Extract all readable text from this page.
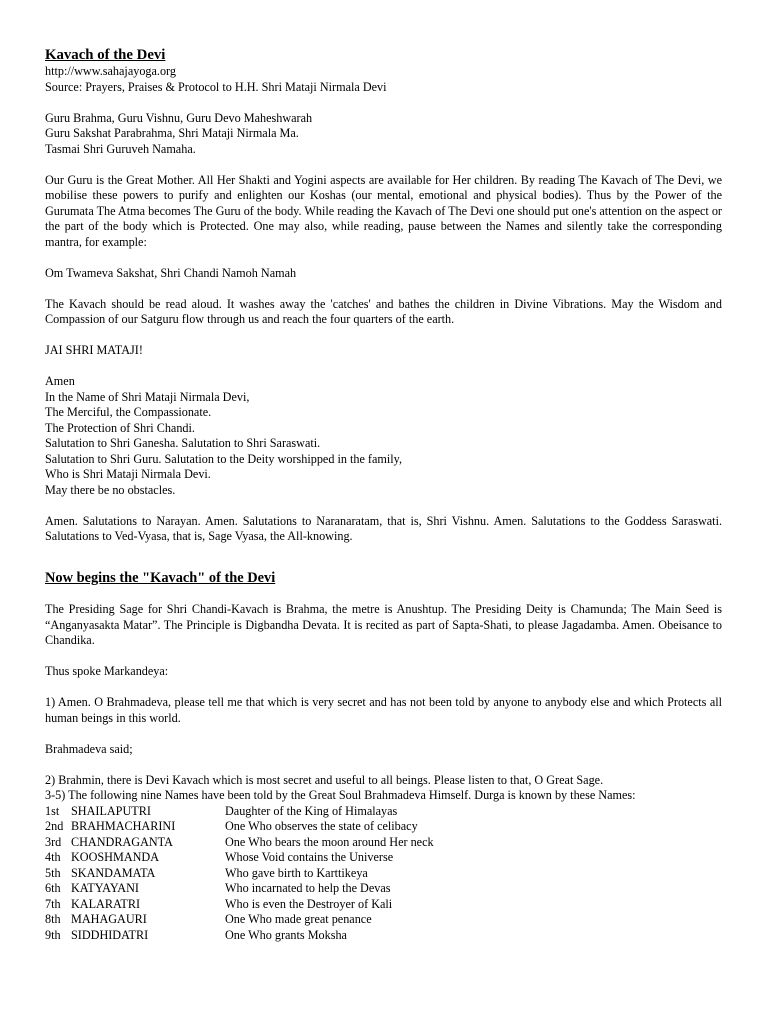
Kavach of the Devi
http://www.sahajayoga.org
Source: Prayers, Praises & Protocol to H.H. Shri Mataji Nirmala Devi
Guru Brahma, Guru Vishnu, Guru Devo Maheshwarah
Guru Sakshat Parabrahma, Shri Mataji Nirmala Ma.
Tasmai Shri Guruveh Namaha.

Our Guru is the Great Mother. All Her Shakti and Yogini aspects are available for Her children. By reading The Kavach of The Devi, we mobilise these powers to purify and enlighten our Koshas (our mental, emotional and physical bodies). Thus by the Power of the Gurumata The Atma becomes The Guru of the body. While reading the Kavach of The Devi one should put one's attention on the aspect or the part of the body which is Protected. One may also, while reading, pause between the Names and silently take the corresponding mantra, for example:

Om Twameva Sakshat, Shri Chandi Namoh Namah

The Kavach should be read aloud. It washes away the 'catches' and bathes the children in Divine Vibrations. May the Wisdom and Compassion of our Satguru flow through us and reach the four quarters of the earth.

JAI SHRI MATAJI!

Amen
In the Name of Shri Mataji Nirmala Devi,
The Merciful, the Compassionate.
The Protection of Shri Chandi.
Salutation to Shri Ganesha. Salutation to Shri Saraswati.
Salutation to Shri Guru. Salutation to the Deity worshipped in the family,
Who is Shri Mataji Nirmala Devi.
May there be no obstacles.

Amen. Salutations to Narayan. Amen. Salutations to Naranaratam, that is, Shri Vishnu. Amen. Salutations to the Goddess Saraswati. Salutations to Ved-Vyasa, that is, Sage Vyasa, the All-knowing.

Now begins the "Kavach" of the Devi

The Presiding Sage for Shri Chandi-Kavach is Brahma, the metre is Anushtup. The Presiding Deity is Chamunda; The Main Seed is “Anganyasakta Matar”. The Principle is Digbandha Devata. It is recited as part of Sapta-Shati, to please Jagadamba. Amen. Obeisance to Chandika.

Thus spoke Markandeya:

1) Amen. O Brahmadeva, please tell me that which is very secret and has not been told by anyone to anybody else and which Protects all human beings in this world.

Brahmadeva said;

2) Brahmin, there is Devi Kavach which is most secret and useful to all beings. Please listen to that, O Great Sage.

3-5) The following nine Names have been told by the Great Soul Brahmadeva Himself. Durga is known by these Names:

1st SHAILAPUTRI	Daughter of the King of Himalayas
2nd BRAHMACHARINI	One Who observes the state of celibacy
3rd CHANDRAGANTA	One Who bears the moon around Her neck
4th KOOSHMANDA	Whose Void contains the Universe
5th SKANDAMATA	Who gave birth to Karttikeya
6th KATYAYANI	Who incarnated to help the Devas
7th KALARATRI	Who is even the Destroyer of Kali
8th MAHAGAURI	One Who made great penance
9th SIDDHIDATRI	One Who grants Moksha
